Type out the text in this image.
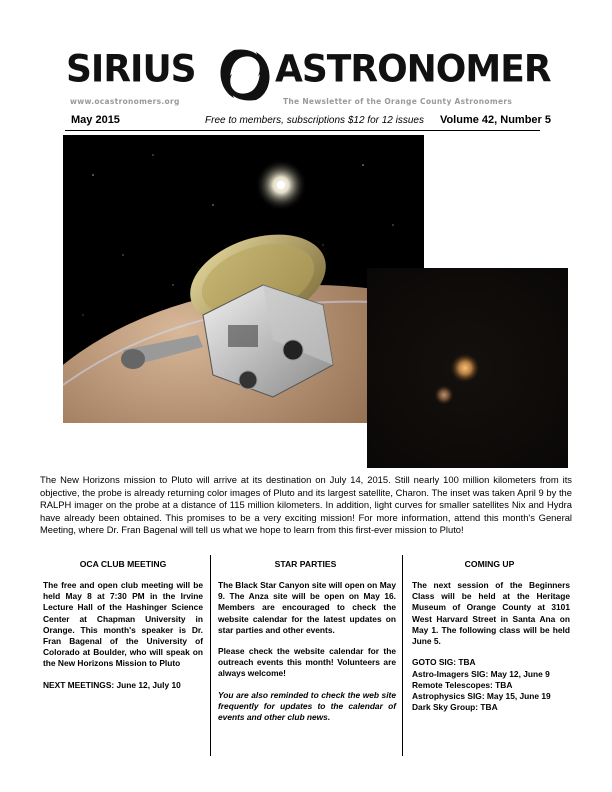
SIRIUS ASTRONOMER
www.ocastronomers.org	The Newsletter of the Orange County Astronomers
May 2015	Free to members, subscriptions $12 for 12 issues Volume 42, Number 5
The New Horizons mission to Pluto will arrive at its destination on July 14, 2015. Still nearly 100 million kilometers from its objective, the probe is already returning color images of Pluto and its largest satellite, Charon. The inset was taken April 9 by the RALPH imager on the probe at a distance of 115 million kilometers. In addition, light curves for smaller satellites Nix and Hydra have already been obtained. This promises to be a very exciting mission! For more information, attend this month's General Meeting, where Dr. Fran Bagenal will tell us what we hope to learn from this first-ever mission to Pluto!
OCA CLUB MEETING

The free and open club meeting will be held May 8 at 7:30 PM in the Irvine Lecture Hall of the Hashinger Science Center at Chapman University in Orange. This month's speaker is Dr. Fran Bagenal of the University of Colorado at Boulder, who will speak on the New Horizons Mission to Pluto

NEXT MEETINGS: June 12, July 10

STAR PARTIES

The Black Star Canyon site will open on May 9. The Anza site will be open on May 16. Members are encouraged to check the website calendar for the latest updates on star parties and other events.

Please check the website calendar for the outreach events this month! Volunteers are always welcome!

You are also reminded to check the web site frequently for updates to the calendar of events and other club news.

COMING UP

The next session of the Beginners Class will be held at the Heritage Museum of Orange County at 3101 West Harvard Street in Santa Ana on May 1. The following class will be held June 5.

GOTO SIG: TBA
Astro-Imagers SIG: May 12, June 9
Remote Telescopes: TBA
Astrophysics SIG: May 15, June 19
Dark Sky Group: TBA
